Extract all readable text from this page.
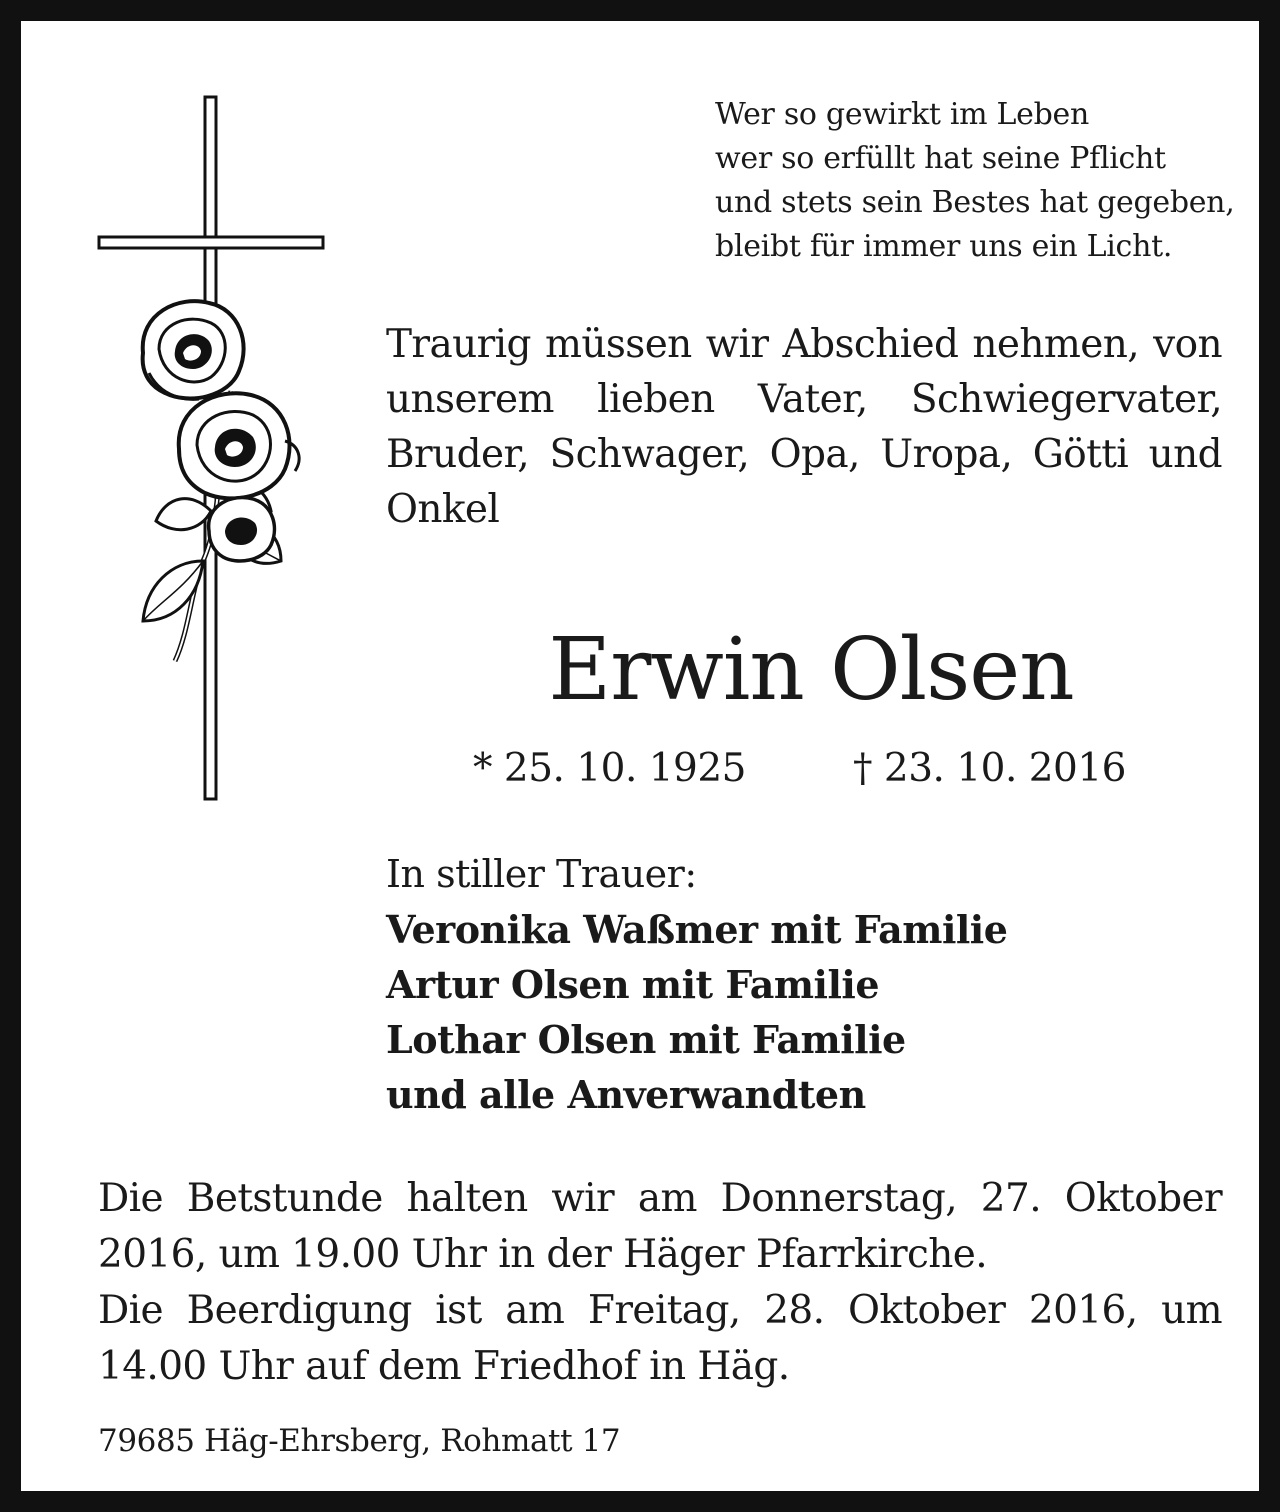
Wer so gewirkt im Leben
wer so erfüllt hat seine Pflicht
und stets sein Bestes hat gegeben,
bleibt für immer uns ein Licht.
Traurig müssen wir Abschied nehmen, von unserem lieben Vater, Schwiegervater, Bruder, Schwager, Opa, Uropa, Götti und Onkel
Erwin Olsen
* 25. 10. 1925	† 23. 10. 2016
In stiller Trauer:
Veronika Waßmer mit Familie
Artur Olsen mit Familie
Lothar Olsen mit Familie
und alle Anverwandten

Die Betstunde halten wir am Donnerstag, 27. Oktober 2016, um 19.00 Uhr in der Häger Pfarrkirche.

Die Beerdigung ist am Freitag, 28. Oktober 2016, um 14.00 Uhr auf dem Friedhof in Häg.

79685 Häg-Ehrsberg, Rohmatt 17
